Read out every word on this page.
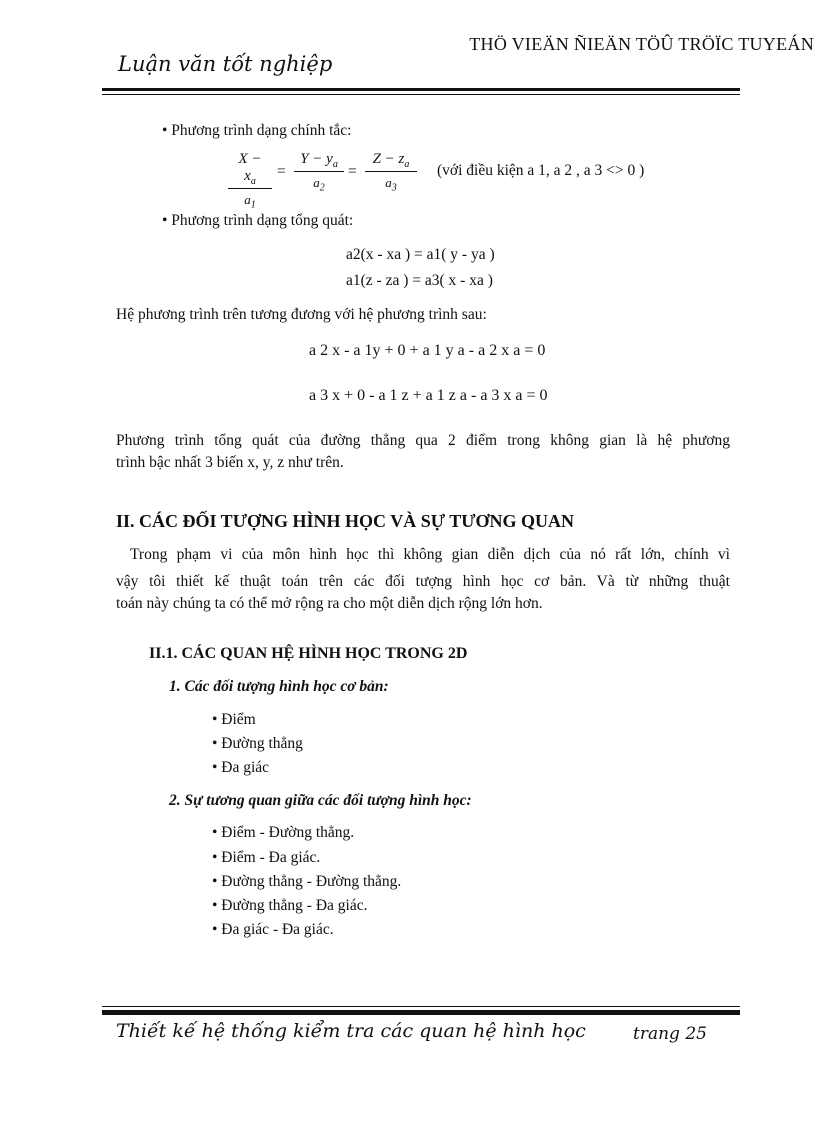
THÖ VIEÄN ÑIEÄN TÖÛ TRÖÏC TUYEÁN
Luận văn tốt nghiệp
• Phương trình dạng chính tắc:
$X - x_a$
$a_1$
=
$Y - y_a$
$a_2$
=
$Z - z_a$
$a_3$
(với điều kiện a 1, a 2 , a 3 <> 0 )
• Phương trình dạng tổng quát:
a2(x - xa ) = a1( y - ya )
a1(z - za ) = a3( x - xa )
Hệ phương trình trên tương đương với hệ phương trình sau:
a 2 x - a 1y + 0 + a 1 y a - a 2 x a = 0
a 3 x + 0 - a 1 z + a 1 z a - a 3 x a = 0
Phương trình tổng quát của đường thẳng qua 2 điểm trong không gian là hệ phương
trình bậc nhất 3 biến x, y, z như trên.
II. CÁC ĐỐI TƯỢNG HÌNH HỌC VÀ SỰ TƯƠNG QUAN
Trong phạm vi của môn hình học thì không gian diễn dịch của nó rất lớn, chính vì
vậy tôi thiết kế thuật toán trên các đối tượng hình học cơ bản. Và từ những thuật
toán này chúng ta có thể mở rộng ra cho một diễn dịch rộng lớn hơn.
II.1. CÁC QUAN HỆ HÌNH HỌC TRONG 2D
1. Các đối tượng hình học cơ bản:
• Điểm
• Đường thẳng
• Đa giác
2. Sự tương quan giữa các đối tượng hình học:
• Điểm - Đường thẳng.
• Điểm - Đa giác.
• Đường thẳng - Đường thẳng.
• Đường thẳng - Đa giác.
• Đa giác - Đa giác.
Thiết kế hệ thống kiểm tra các quan hệ hình học	trang 25
